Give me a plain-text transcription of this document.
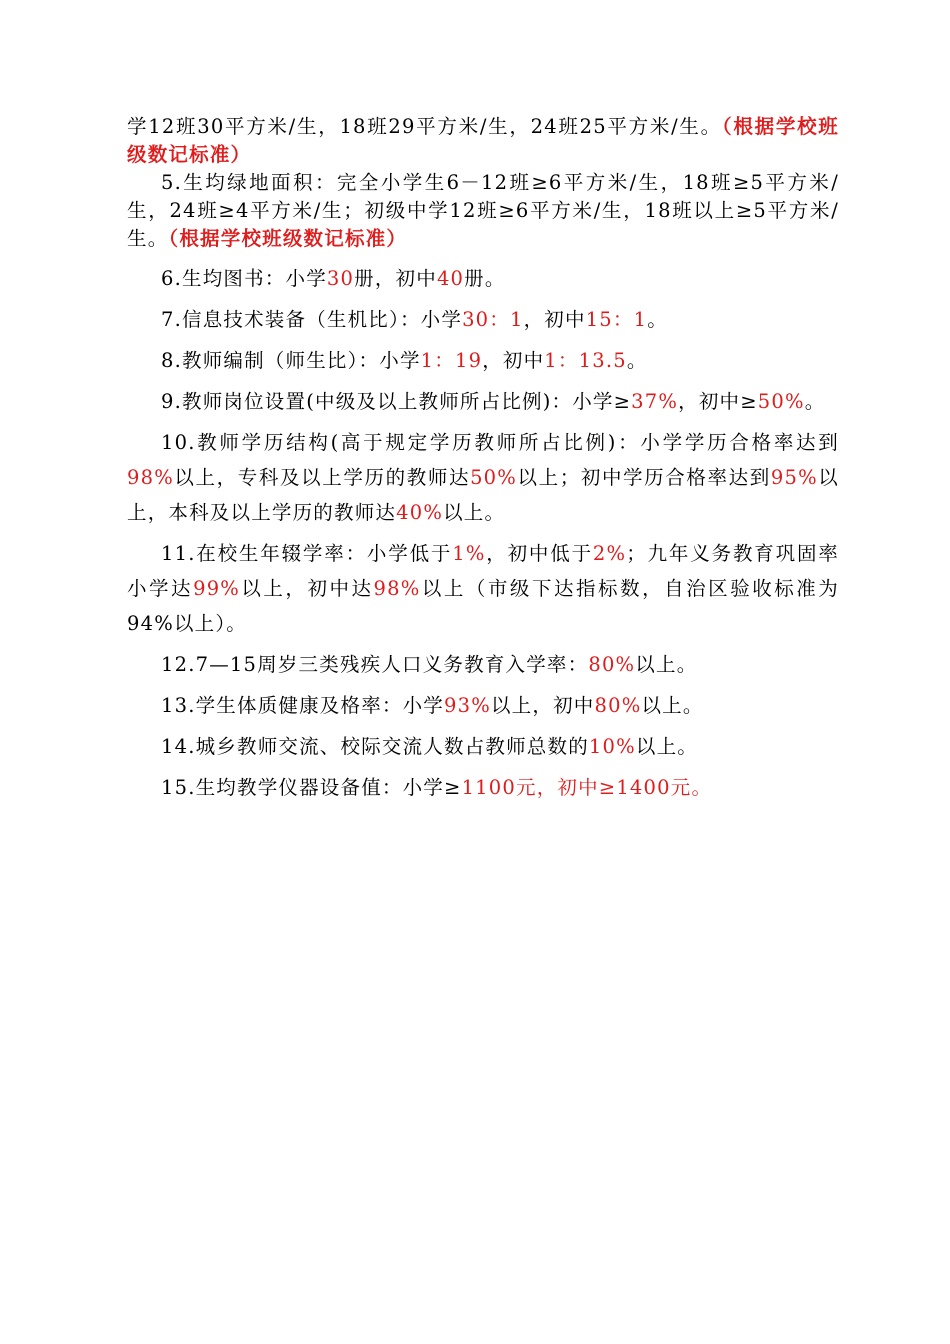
学12班30平方米/生，18班29平方米/生，24班25平方米/生。（根据学校班级数记标准）

5.生均绿地面积：完全小学生6－12班≥6平方米/生，18班≥5平方米/生，24班≥4平方米/生；初级中学12班≥6平方米/生，18班以上≥5平方米/生。（根据学校班级数记标准）

6.生均图书：小学30册，初中40册。

7.信息技术装备（生机比）：小学30：1，初中15：1。

8.教师编制（师生比）：小学1：19，初中1：13.5。

9.教师岗位设置(中级及以上教师所占比例)：小学≥37%，初中≥50%。

10.教师学历结构(高于规定学历教师所占比例)：小学学历合格率达到98%以上，专科及以上学历的教师达50%以上；初中学历合格率达到95%以上，本科及以上学历的教师达40%以上。

11.在校生年辍学率：小学低于1%，初中低于2%；九年义务教育巩固率小学达99%以上，初中达98%以上（市级下达指标数，自治区验收标准为94%以上）。

12.7—15周岁三类残疾人口义务教育入学率：80%以上。

13.学生体质健康及格率：小学93%以上，初中80%以上。

14.城乡教师交流、校际交流人数占教师总数的10%以上。

15.生均教学仪器设备值：小学≥1100元，初中≥1400元。
